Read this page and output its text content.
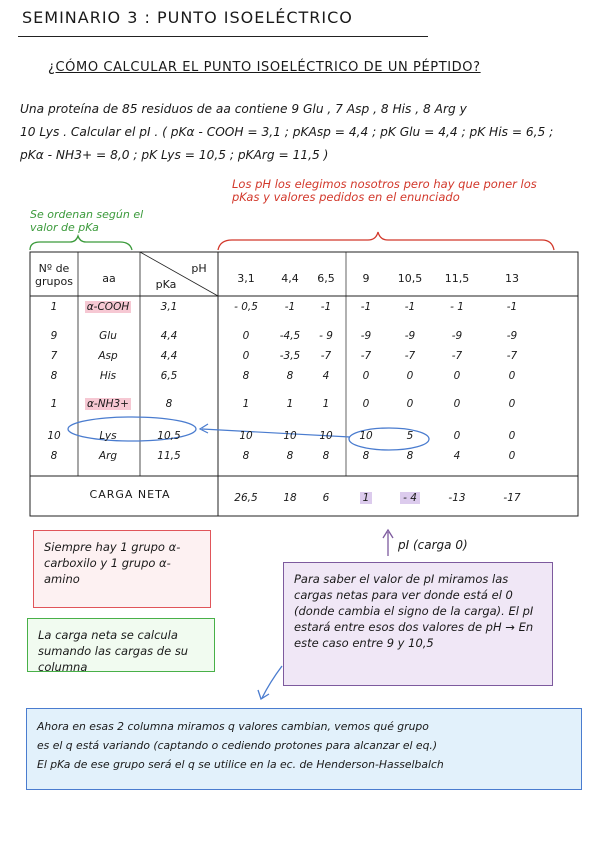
SEMINARIO 3 : PUNTO ISOELÉCTRICO
¿CÓMO CALCULAR EL PUNTO ISOELÉCTRICO DE UN PÉPTIDO?
Una proteína de 85 residuos de aa contiene 9 Glu , 7 Asp , 8 His , 8 Arg y
10 Lys . Calcular el pI . ( pKα - COOH = 3,1 ; pKAsp = 4,4 ; pK Glu = 4,4 ; pK His = 6,5 ;
pKα - NH3+ = 8,0 ; pK Lys = 10,5 ; pKArg = 11,5 )
Los pH los elegimos nosotros pero hay que poner los pKas y valores pedidos en el enunciado
Se ordenan según el valor de pKa
Nº de grupos	aa	pKa
pH
3,1	4,4	6,5	9	10,5	11,5	13
1	α-COOH	3,1	- 0,5	-1	-1	-1	-1	- 1	-1
9	Glu	4,4	0	-4,5	- 9	-9	-9	-9	-9
7	Asp	4,4	0	-3,5	-7	-7	-7	-7	-7
8	His	6,5	8	8	4	0	0	0	0
1	α-NH3+	8	1	1	1	0	0	0	0
10	Lys	10,5	10	10	10	10	5	0	0
8	Arg	11,5	8	8	8	8	8	4	0
CARGA NETA	26,5	18	6	1	- 4	-13	-17
pI (carga 0)
Siempre hay 1 grupo α-carboxilo y 1 grupo α-amino
La carga neta se calcula sumando las cargas de su columna
Para saber el valor de pI miramos las cargas netas para ver donde está el 0 (donde cambia el signo de la carga). El pI estará entre esos dos valores de pH → En este caso entre 9 y 10,5
Ahora en esas 2 columna miramos q valores cambian, vemos qué grupo
es el q está variando (captando o cediendo protones para alcanzar el eq.)
El pKa de ese grupo será el q se utilice en la ec. de Henderson-Hasselbalch
